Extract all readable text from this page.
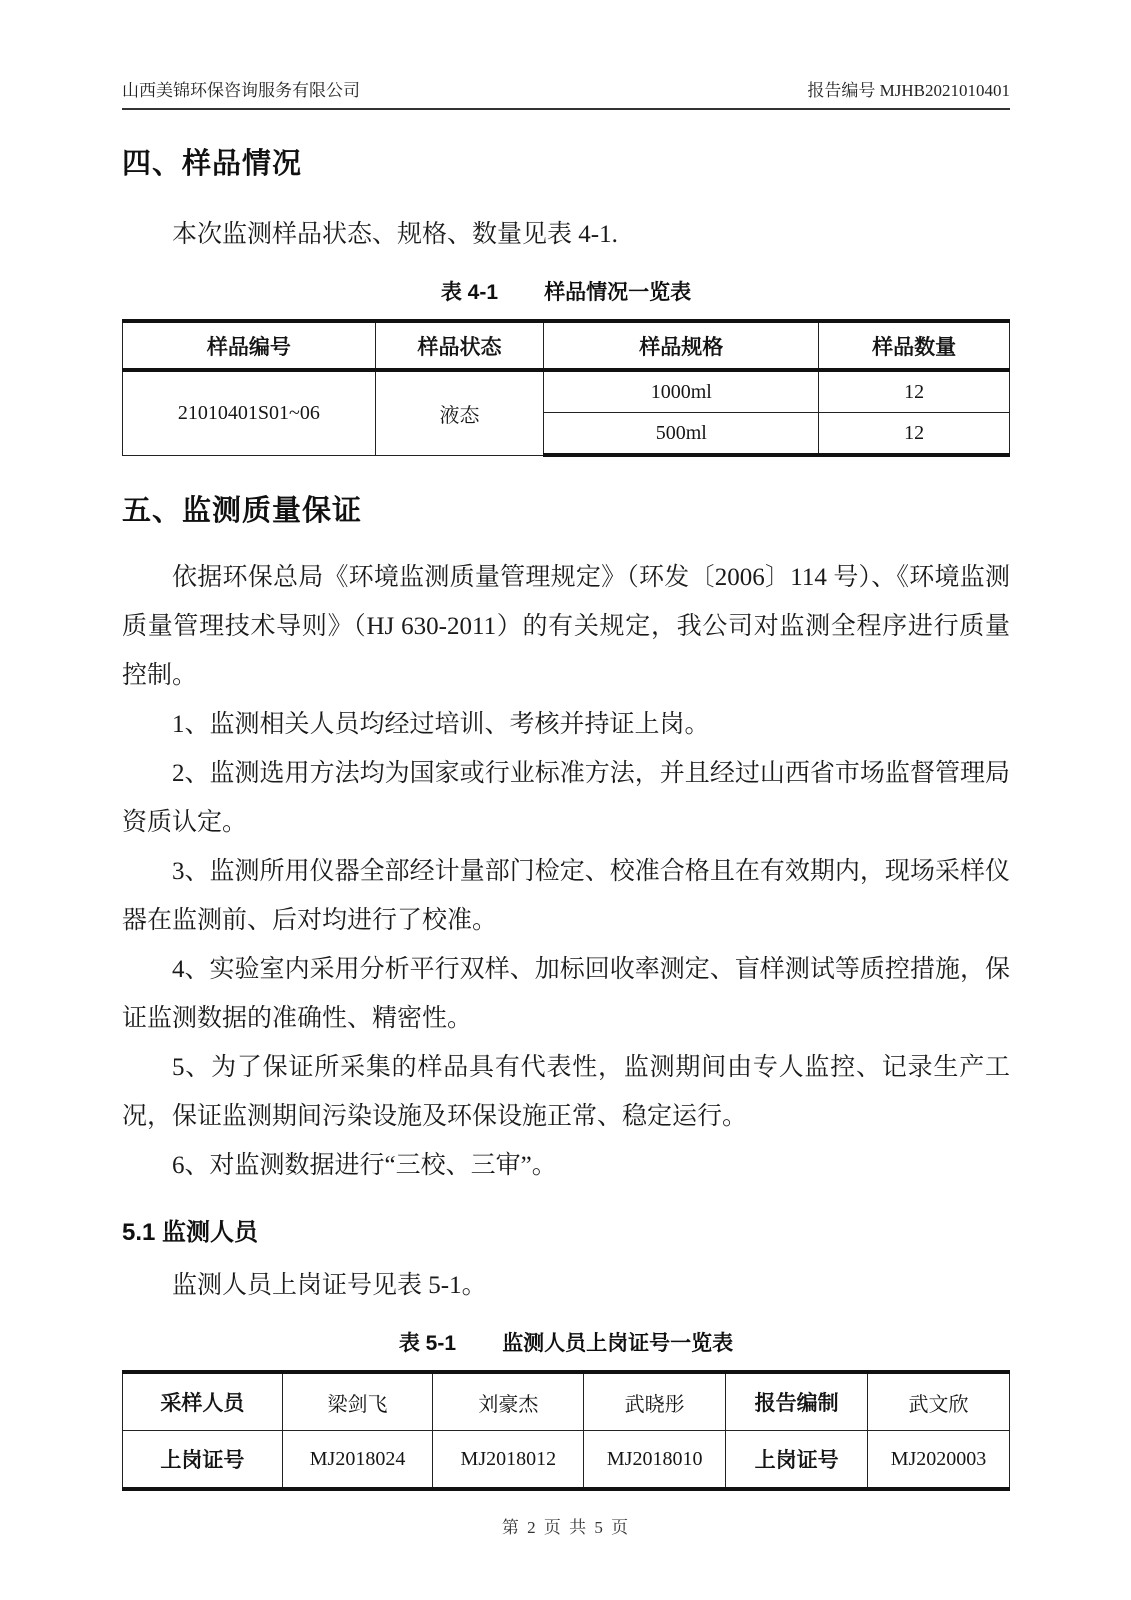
山西美锦环保咨询服务有限公司	报告编号 MJHB2021010401
四、样品情况

本次监测样品状态、规格、数量见表 4-1.

表 4-1 样品情况一览表
样品编号	样品状态	样品规格	样品数量
21010401S01~06	液态	1000ml	12
		500ml	12
五、监测质量保证

依据环保总局《环境监测质量管理规定》（环发〔2006〕114 号）、《环境监测质量管理技术导则》（HJ 630-2011）的有关规定，我公司对监测全程序进行质量控制。

1、监测相关人员均经过培训、考核并持证上岗。

2、监测选用方法均为国家或行业标准方法，并且经过山西省市场监督管理局资质认定。

3、监测所用仪器全部经计量部门检定、校准合格且在有效期内，现场采样仪器在监测前、后对均进行了校准。

4、实验室内采用分析平行双样、加标回收率测定、盲样测试等质控措施，保证监测数据的准确性、精密性。

5、为了保证所采集的样品具有代表性，监测期间由专人监控、记录生产工况，保证监测期间污染设施及环保设施正常、稳定运行。

6、对监测数据进行“三校、三审”。

5.1 监测人员

监测人员上岗证号见表 5-1。

表 5-1 监测人员上岗证号一览表
采样人员	梁剑飞	刘豪杰	武晓彤	报告编制	武文欣
上岗证号	MJ2018024	MJ2018012	MJ2018010	上岗证号	MJ2020003
第 2 页 共 5 页
